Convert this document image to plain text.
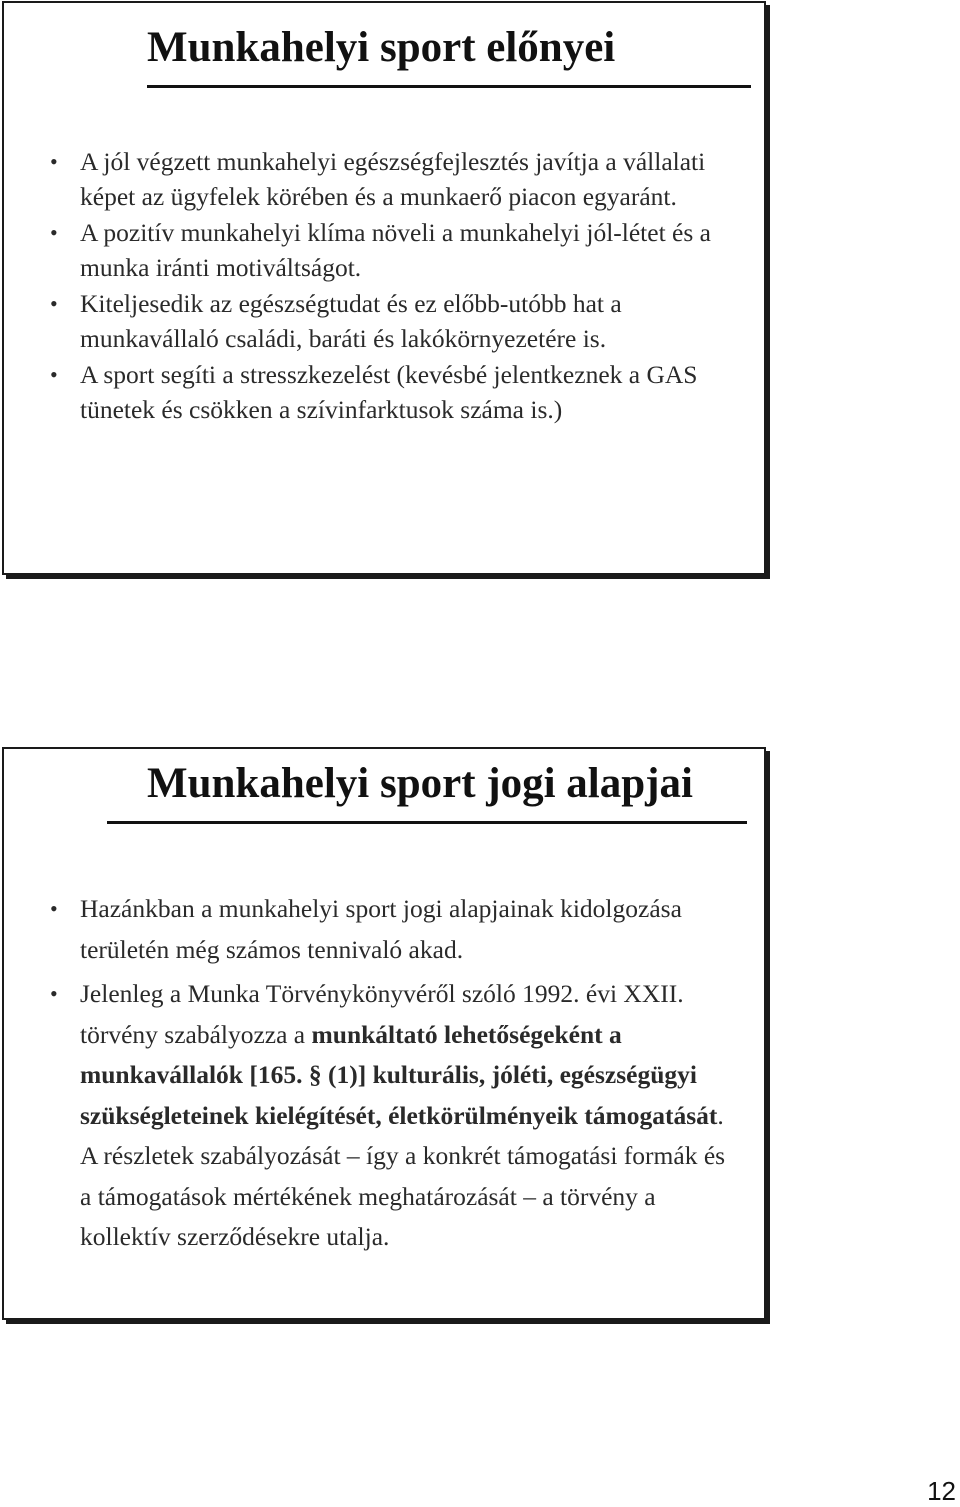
Munkahelyi sport előnyei
• A jól végzett munkahelyi egészségfejlesztés javítja a vállalati képet az ügyfelek körében és a munkaerő piacon egyaránt.
• A pozitív munkahelyi klíma növeli a munkahelyi jól-létet és a munka iránti motiváltságot.
• Kiteljesedik az egészségtudat és ez előbb-utóbb hat a munkavállaló családi, baráti és lakókörnyezetére is.
• A sport segíti a stresszkezelést (kevésbé jelentkeznek a GAS tünetek és csökken a szívinfarktusok száma is.)
Munkahelyi sport jogi alapjai
• Hazánkban a munkahelyi sport jogi alapjainak kidolgozása területén még számos tennivaló akad.
• Jelenleg a Munka Törvénykönyvéről szóló 1992. évi XXII. törvény szabályozza a munkáltató lehetőségeként a munkavállalók [165. § (1)] kulturális, jóléti, egészségügyi szükségleteinek kielégítését, életkörülményeik támogatását. A részletek szabályozását – így a konkrét támogatási formák és a támogatások mértékének meghatározását – a törvény a kollektív szerződésekre utalja.
12
